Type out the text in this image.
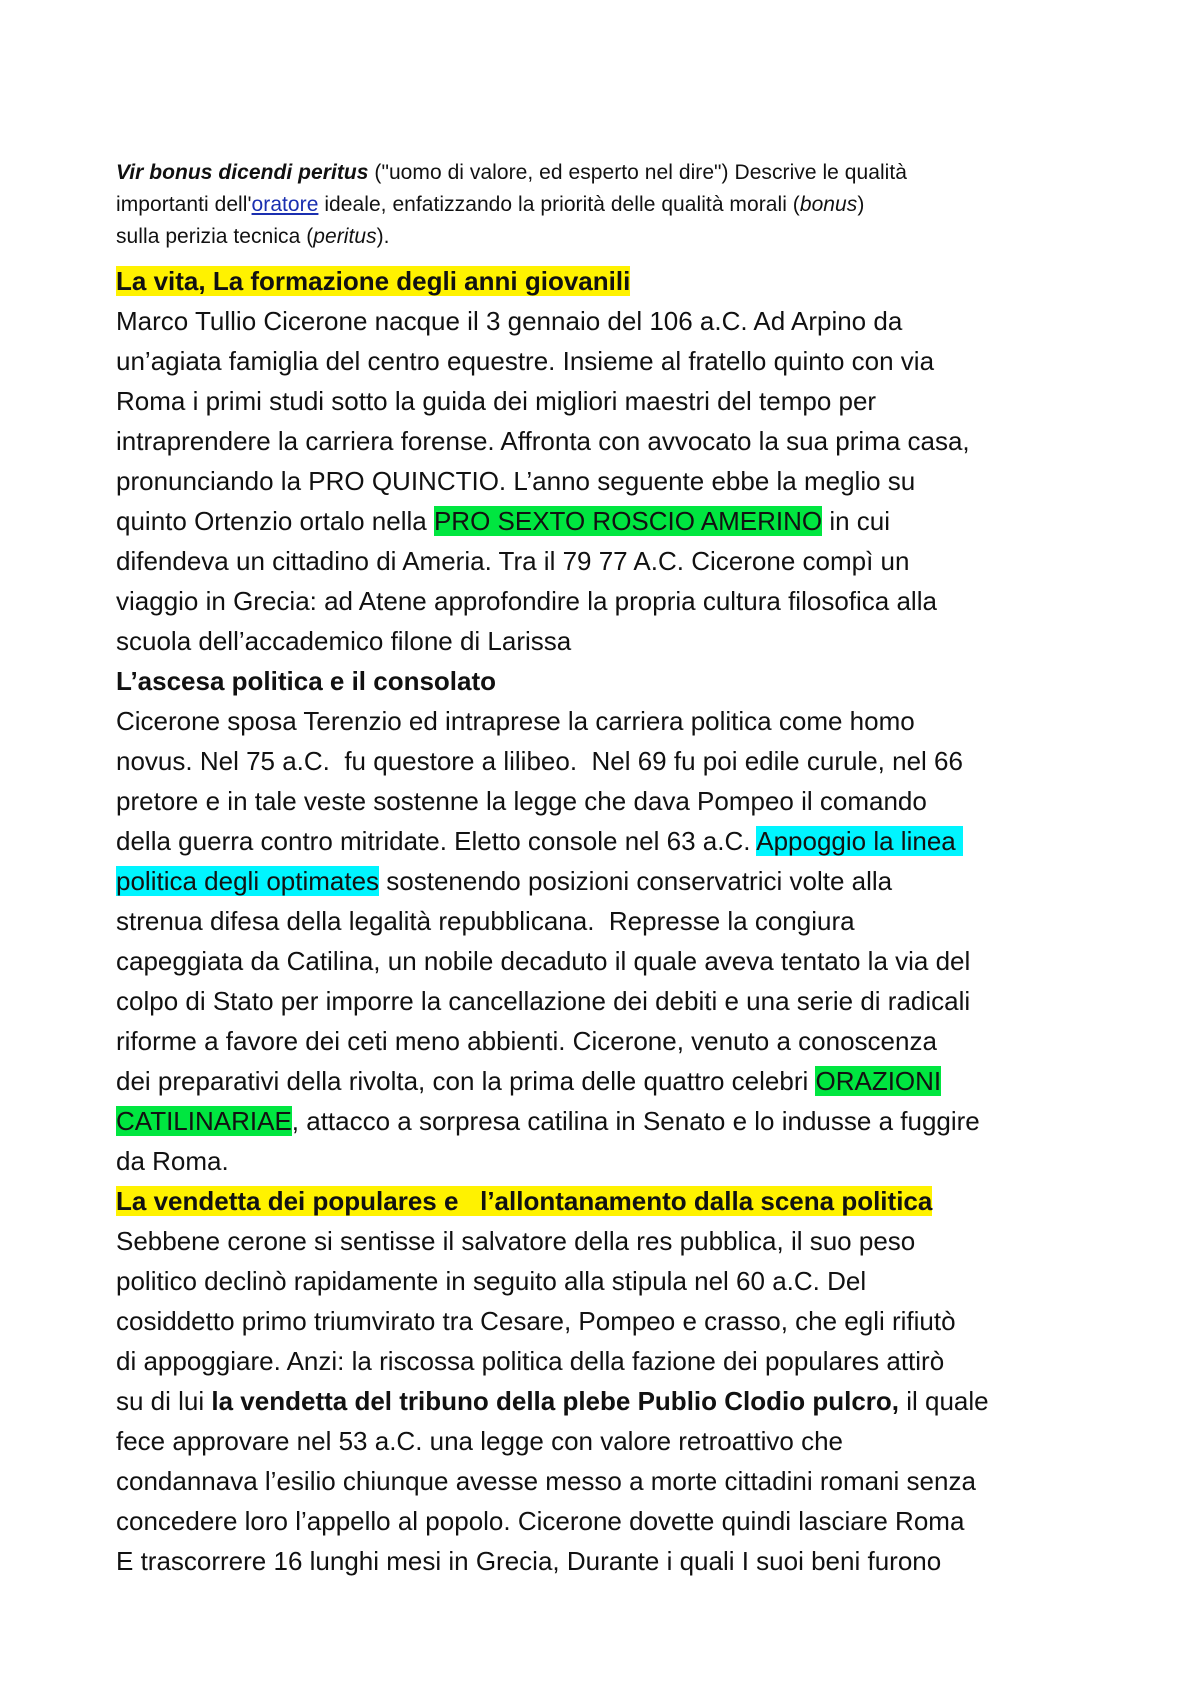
Vir bonus dicendi peritus ("uomo di valore, ed esperto nel dire") Descrive le qualità
importanti dell'oratore ideale, enfatizzando la priorità delle qualità morali (bonus)
sulla perizia tecnica (peritus).
La vita, La formazione degli anni giovanili
Marco Tullio Cicerone nacque il 3 gennaio del 106 a.C. Ad Arpino da
un’agiata famiglia del centro equestre. Insieme al fratello quinto con via
Roma i primi studi sotto la guida dei migliori maestri del tempo per
intraprendere la carriera forense. Affronta con avvocato la sua prima casa,
pronunciando la PRO QUINCTIO. L’anno seguente ebbe la meglio su
quinto Ortenzio ortalo nella PRO SEXTO ROSCIO AMERINO in cui
difendeva un cittadino di Ameria. Tra il 79 77 A.C. Cicerone compì un
viaggio in Grecia: ad Atene approfondire la propria cultura filosofica alla
scuola dell’accademico filone di Larissa
L’ascesa politica e il consolato
Cicerone sposa Terenzio ed intraprese la carriera politica come homo
novus. Nel 75 a.C.  fu questore a lilibeo.  Nel 69 fu poi edile curule, nel 66
pretore e in tale veste sostenne la legge che dava Pompeo il comando
della guerra contro mitridate. Eletto console nel 63 a.C. Appoggio la linea
politica degli optimates sostenendo posizioni conservatrici volte alla
strenua difesa della legalità repubblicana.  Represse la congiura
capeggiata da Catilina, un nobile decaduto il quale aveva tentato la via del
colpo di Stato per imporre la cancellazione dei debiti e una serie di radicali
riforme a favore dei ceti meno abbienti. Cicerone, venuto a conoscenza
dei preparativi della rivolta, con la prima delle quattro celebri ORAZIONI
CATILINARIAE, attacco a sorpresa catilina in Senato e lo indusse a fuggire
da Roma.
La vendetta dei populares e   l’allontanamento dalla scena politica
Sebbene cerone si sentisse il salvatore della res pubblica, il suo peso
politico declinò rapidamente in seguito alla stipula nel 60 a.C. Del
cosiddetto primo triumvirato tra Cesare, Pompeo e crasso, che egli rifiutò
di appoggiare. Anzi: la riscossa politica della fazione dei populares attirò
su di lui la vendetta del tribuno della plebe Publio Clodio pulcro, il quale
fece approvare nel 53 a.C. una legge con valore retroattivo che
condannava l’esilio chiunque avesse messo a morte cittadini romani senza
concedere loro l’appello al popolo. Cicerone dovette quindi lasciare Roma
E trascorrere 16 lunghi mesi in Grecia, Durante i quali I suoi beni furono
